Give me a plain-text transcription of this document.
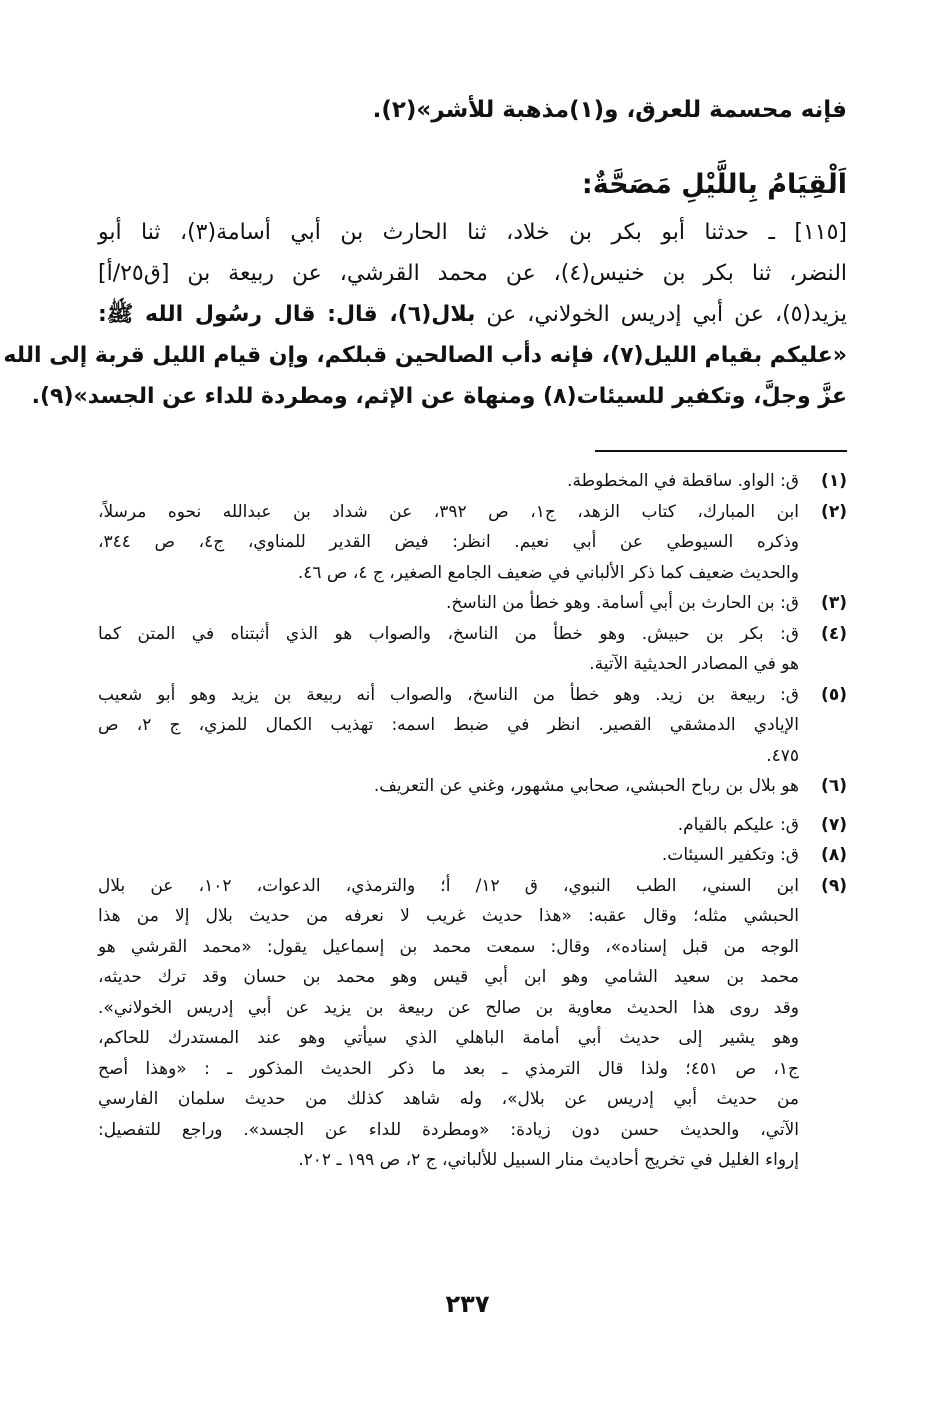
فإنه محسمة للعرق، و(١)مذهبة للأشر»(٢).
اَلْقِيَامُ بِاللَّيْلِ مَصَحَّةٌ:
[١١٥] ـ حدثنا أبو بكر بن خلاد، ثنا الحارث بن أبي أسامة(٣)، ثنا أبو
النضر، ثنا بكر بن خنيس(٤)، عن محمد القرشي، عن ربيعة بن [ق٢٥/أ]
يزيد(٥)، عن أبي إدريس الخولاني، عن بلال(٦)، قال: قال رسُول الله ﷺ:
«عليكم بقيام الليل(٧)، فإنه دأب الصالحين قبلكم، وإن قيام الليل قربة إلى الله
عزَّ وجلَّ، وتكفير للسيئات(٨) ومنهاة عن الإثم، ومطردة للداء عن الجسد»(٩).
(١)
ق: الواو. ساقطة في المخطوطة.
(٢)
ابن المبارك، كتاب الزهد، ج١، ص ٣٩٢، عن شداد بن عبدالله نحوه مرسلاً،
وذكره السيوطي عن أبي نعيم. انظر: فيض القدير للمناوي، ج٤، ص ٣٤٤،
والحديث ضعيف كما ذكر الألباني في ضعيف الجامع الصغير، ج ٤، ص ٤٦.
(٣)
ق: بن الحارث بن أبي أسامة. وهو خطأ من الناسخ.
(٤)
ق: بكر بن حبيش. وهو خطأ من الناسخ، والصواب هو الذي أثبتناه في المتن كما
هو في المصادر الحديثية الآتية.
(٥)
ق: ربيعة بن زيد. وهو خطأ من الناسخ، والصواب أنه ربيعة بن يزيد وهو أبو شعيب
الإيادي الدمشقي القصير. انظر في ضبط اسمه: تهذيب الكمال للمزي، ج ٢، ص
٤٧٥.
(٦)
هو بلال بن رباح الحبشي، صحابي مشهور، وغني عن التعريف.
(٧)
ق: عليكم بالقيام.
(٨)
ق: وتكفير السيئات.
(٩)
ابن السني، الطب النبوي، ق ١٢/ أ؛ والترمذي، الدعوات، ١٠٢، عن بلال
الحبشي مثله؛ وقال عقبه: «هذا حديث غريب لا نعرفه من حديث بلال إلا من هذا
الوجه من قبل إسناده»، وقال: سمعت محمد بن إسماعيل يقول: «محمد القرشي هو
محمد بن سعيد الشامي وهو ابن أبي قيس وهو محمد بن حسان وقد ترك حديثه،
وقد روى هذا الحديث معاوية بن صالح عن ربيعة بن يزيد عن أبي إدريس الخولاني».
وهو يشير إلى حديث أبي أمامة الباهلي الذي سيأتي وهو عند المستدرك للحاكم،
ج١، ص ٤٥١؛ ولذا قال الترمذي ـ بعد ما ذكر الحديث المذكور ـ : «وهذا أصح
من حديث أبي إدريس عن بلال»، وله شاهد كذلك من حديث سلمان الفارسي
الآتي، والحديث حسن دون زيادة: «ومطردة للداء عن الجسد». وراجع للتفصيل:
إرواء الغليل في تخريج أحاديث منار السبيل للألباني، ج ٢، ص ١٩٩ ـ ٢٠٢.
٢٣٧
